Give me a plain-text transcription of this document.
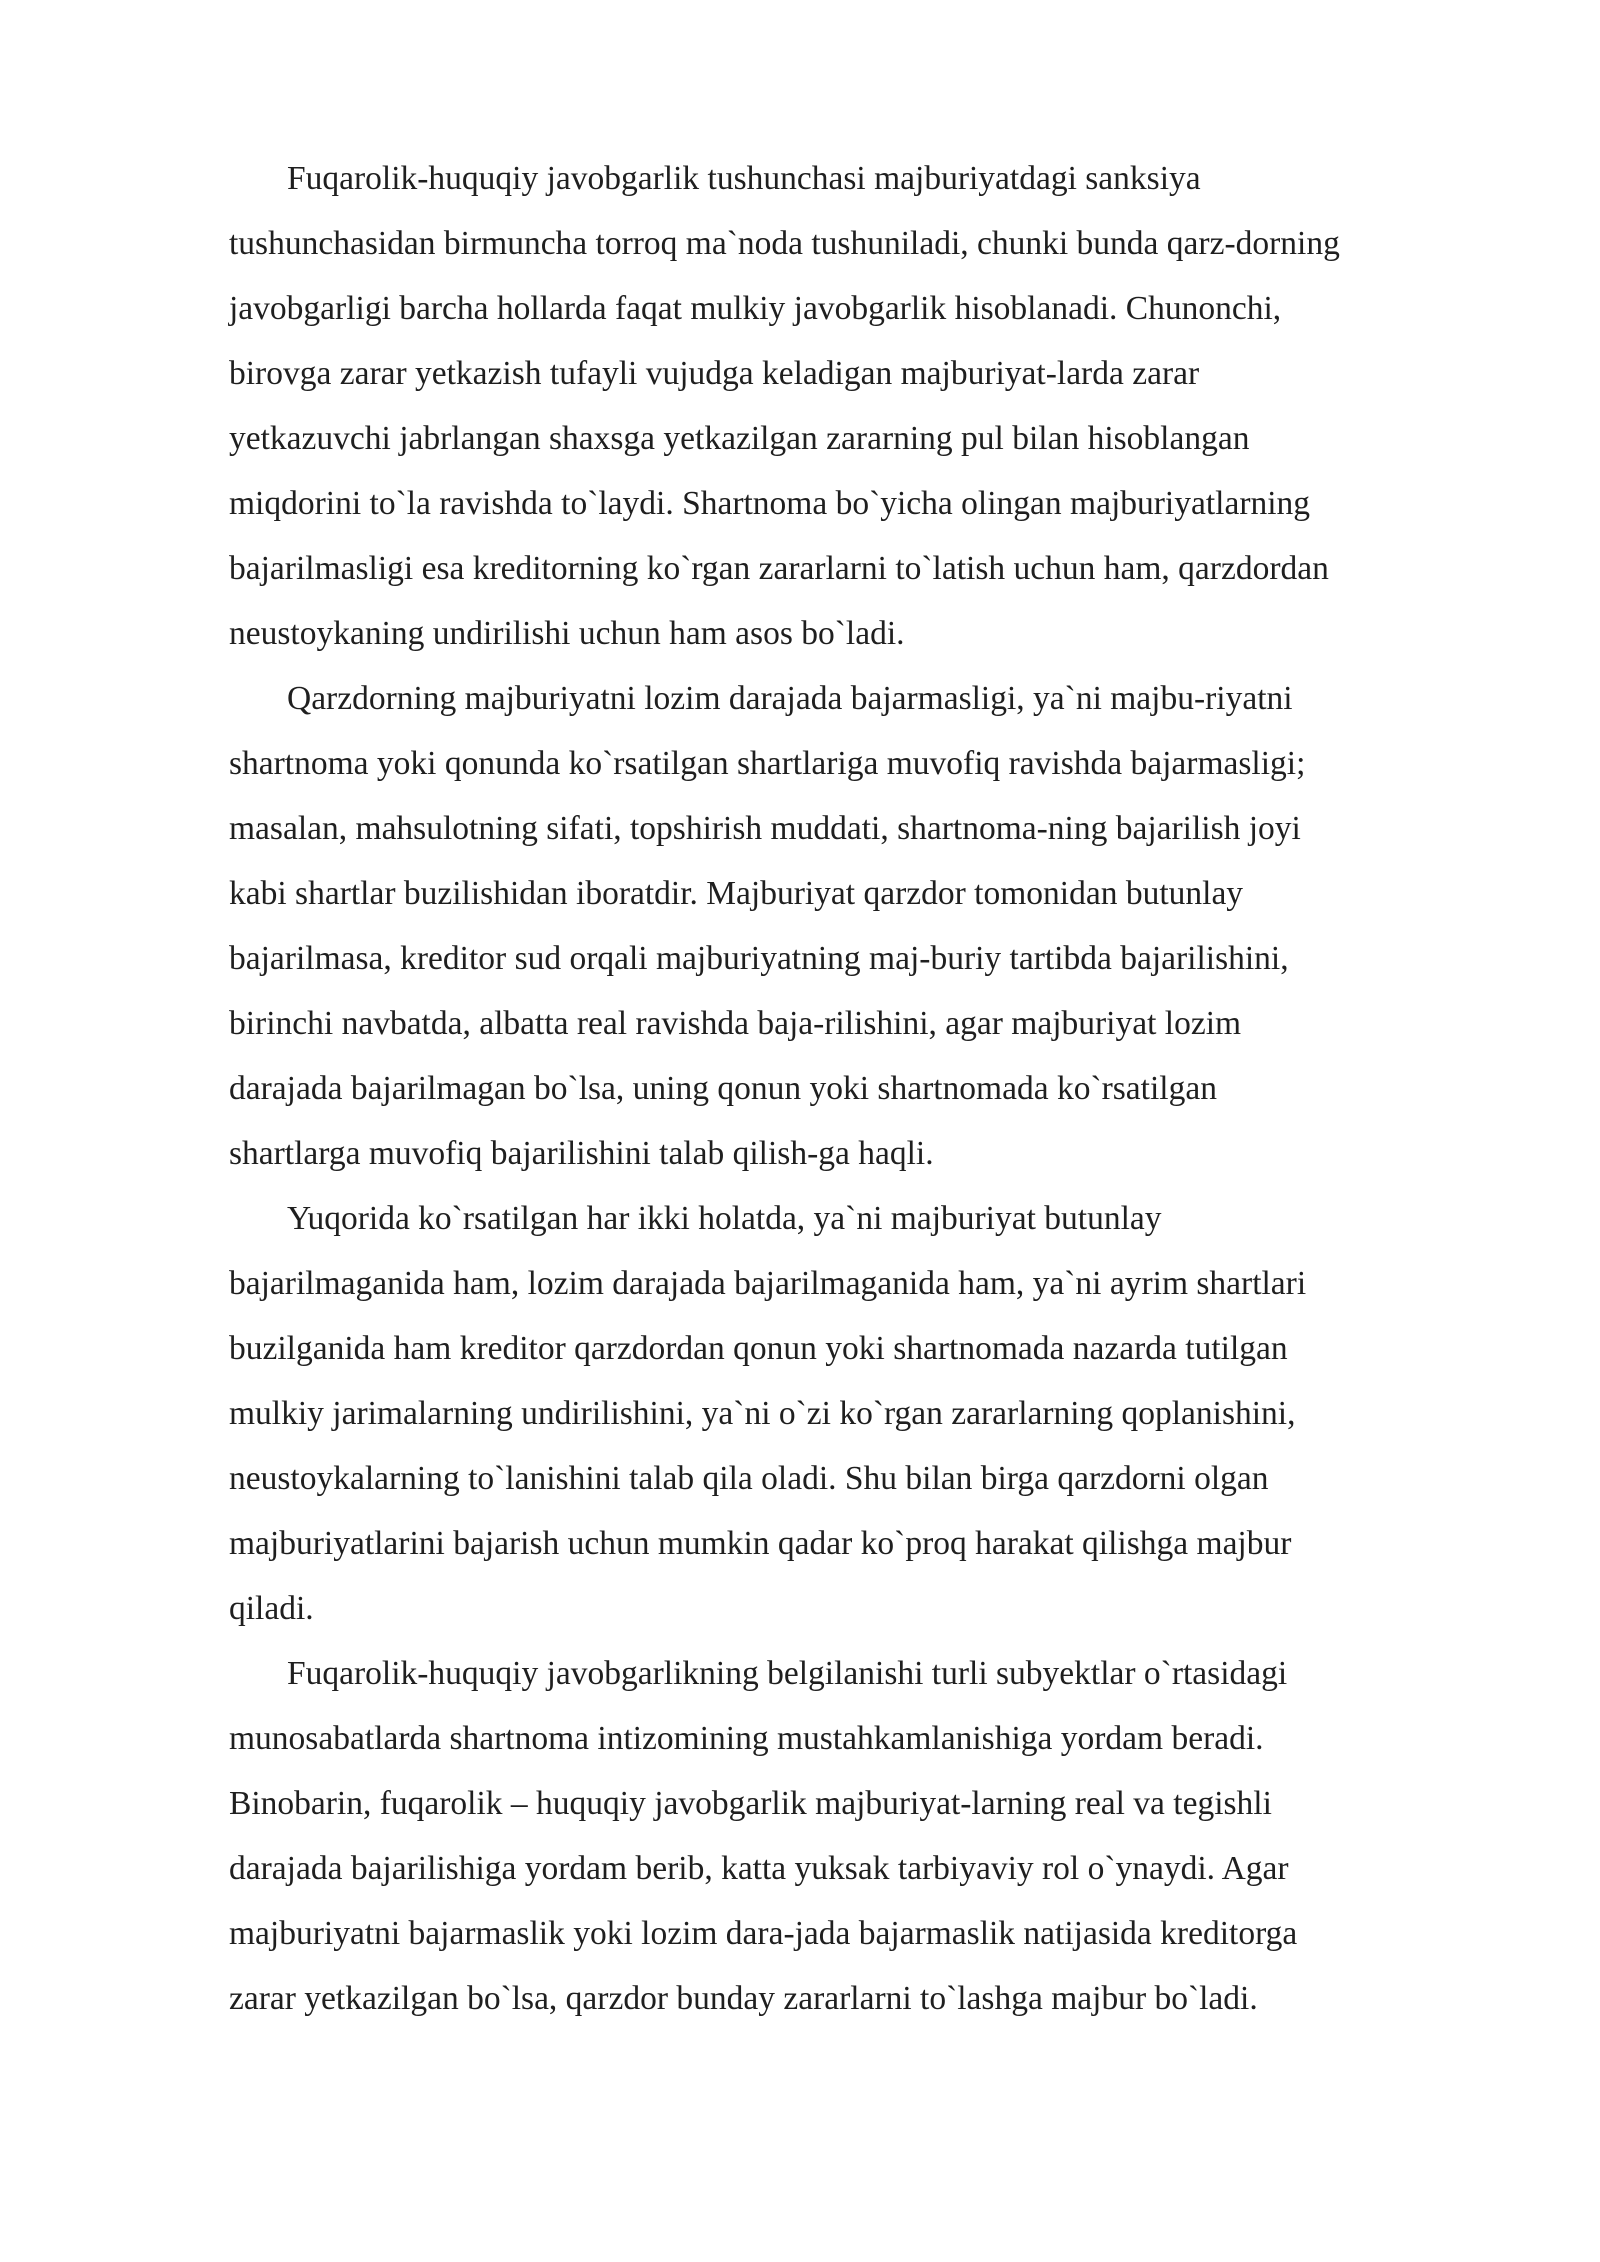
Fuqarolik-huquqiy javobgarlik tushunchasi majburiyatdagi sanksiya
tushunchasidan birmuncha torroq ma`noda tushuniladi, chunki bunda qarz-dorning
javobgarligi barcha hollarda faqat mulkiy javobgarlik hisoblanadi. Chunonchi,
birovga zarar yetkazish tufayli vujudga keladigan majburiyat-larda zarar
yetkazuvchi jabrlangan shaxsga yetkazilgan zararning pul bilan hisoblangan
miqdorini to`la ravishda to`laydi. Shartnoma bo`yicha olingan majburiyatlarning
bajarilmasligi esa kreditorning ko`rgan zararlarni to`latish uchun ham, qarzdordan
neustoykaning undirilishi uchun ham asos bo`ladi.
Qarzdorning majburiyatni lozim darajada bajarmasligi, ya`ni majbu-riyatni
shartnoma yoki qonunda ko`rsatilgan shartlariga muvofiq ravishda bajarmasligi;
masalan, mahsulotning sifati, topshirish muddati, shartnoma-ning bajarilish joyi
kabi shartlar buzilishidan iboratdir. Majburiyat qarzdor tomonidan butunlay
bajarilmasa, kreditor sud orqali majburiyatning maj-buriy tartibda bajarilishini,
birinchi navbatda, albatta real ravishda baja-rilishini, agar majburiyat lozim
darajada bajarilmagan bo`lsa, uning qonun yoki shartnomada ko`rsatilgan
shartlarga muvofiq bajarilishini talab qilish-ga haqli.
Yuqorida ko`rsatilgan har ikki holatda, ya`ni majburiyat butunlay
bajarilmaganida ham, lozim darajada bajarilmaganida ham, ya`ni ayrim shartlari
buzilganida ham kreditor qarzdordan qonun yoki shartnomada nazarda tutilgan
mulkiy jarimalarning undirilishini, ya`ni o`zi ko`rgan zararlarning qoplanishini,
neustoykalarning to`lanishini talab qila oladi. Shu bilan birga qarzdorni olgan
majburiyatlarini bajarish uchun mumkin qadar ko`proq harakat qilishga majbur
qiladi.
Fuqarolik-huquqiy javobgarlikning belgilanishi turli subyektlar o`rtasidagi
munosabatlarda shartnoma intizomining mustahkamlanishiga yordam beradi.
Binobarin, fuqarolik – huquqiy javobgarlik majburiyat-larning real va tegishli
darajada bajarilishiga yordam berib, katta yuksak tarbiyaviy rol o`ynaydi. Agar
majburiyatni bajarmaslik yoki lozim dara-jada bajarmaslik natijasida kreditorga
zarar yetkazilgan bo`lsa, qarzdor bunday zararlarni to`lashga majbur bo`ladi.
